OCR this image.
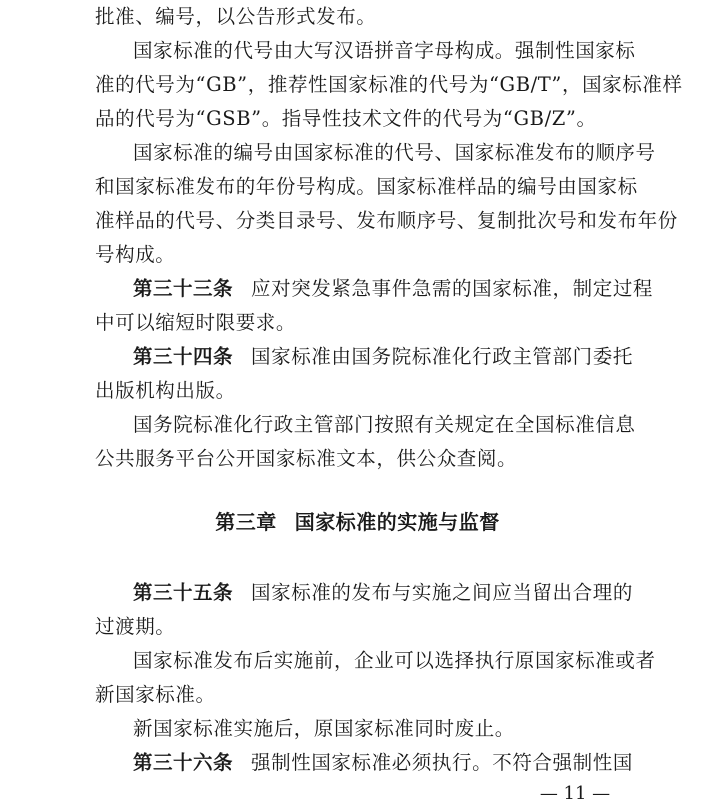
批准、编号，以公告形式发布。
国家标准的代号由大写汉语拼音字母构成。强制性国家标
准的代号为“GB”，推荐性国家标准的代号为“GB/T”，国家标准样
品的代号为“GSB”。指导性技术文件的代号为“GB/Z”。
国家标准的编号由国家标准的代号、国家标准发布的顺序号
和国家标准发布的年份号构成。国家标准样品的编号由国家标
准样品的代号、分类目录号、发布顺序号、复制批次号和发布年份
号构成。
第三十三条 应对突发紧急事件急需的国家标准，制定过程
中可以缩短时限要求。
第三十四条 国家标准由国务院标准化行政主管部门委托
出版机构出版。
国务院标准化行政主管部门按照有关规定在全国标准信息
公共服务平台公开国家标准文本，供公众查阅。
第三章 国家标准的实施与监督
第三十五条 国家标准的发布与实施之间应当留出合理的
过渡期。
国家标准发布后实施前，企业可以选择执行原国家标准或者
新国家标准。
新国家标准实施后，原国家标准同时废止。
第三十六条 强制性国家标准必须执行。不符合强制性国
— 11 —
